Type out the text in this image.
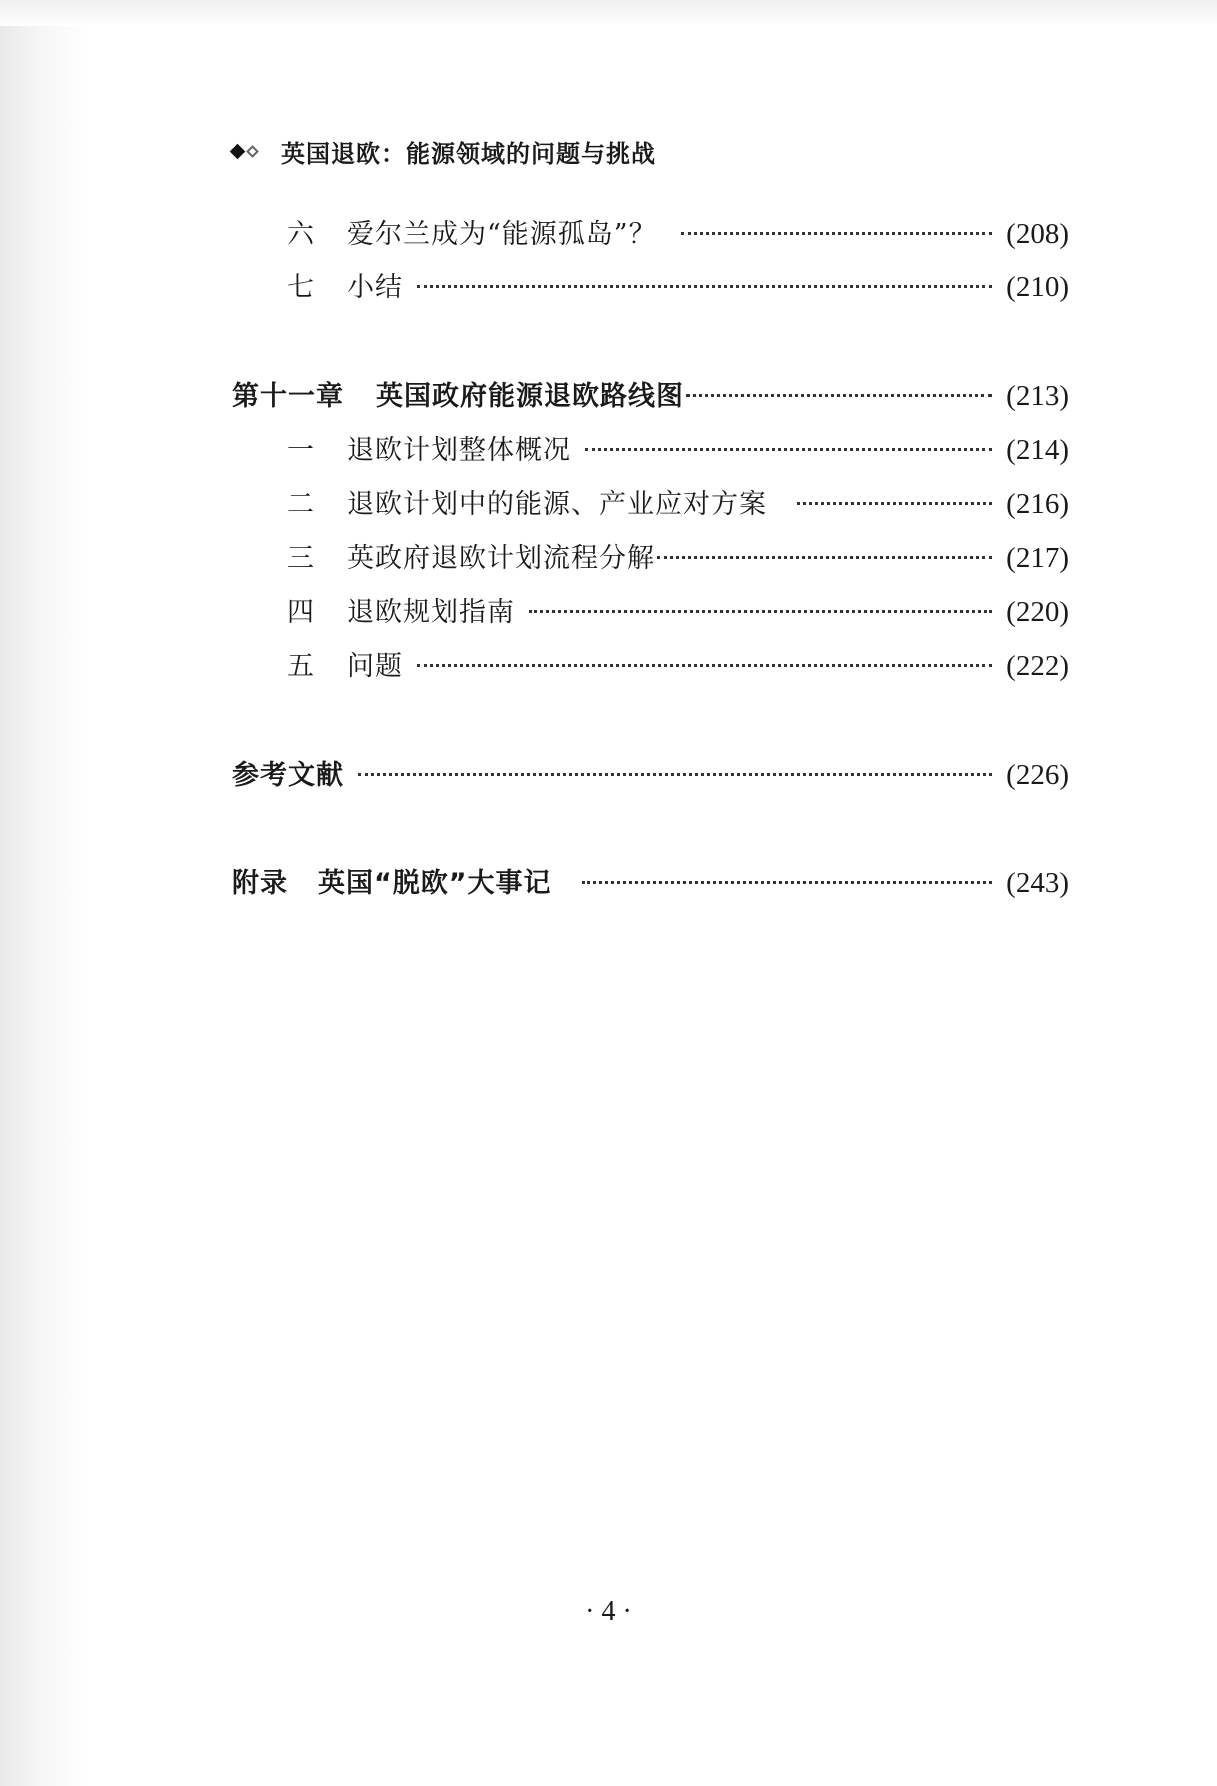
英国退欧：能源领域的问题与挑战
六	爱尔兰成为“能源孤岛”？	(208)
七	小结	(210)
第十一章 英国政府能源退欧路线图	(213)
一	退欧计划整体概况	(214)
二	退欧计划中的能源、产业应对方案	(216)
三	英政府退欧计划流程分解	(217)
四	退欧规划指南	(220)
五	问题	(222)
参考文献	(226)
附录 英国“脱欧”大事记	(243)
· 4 ·
